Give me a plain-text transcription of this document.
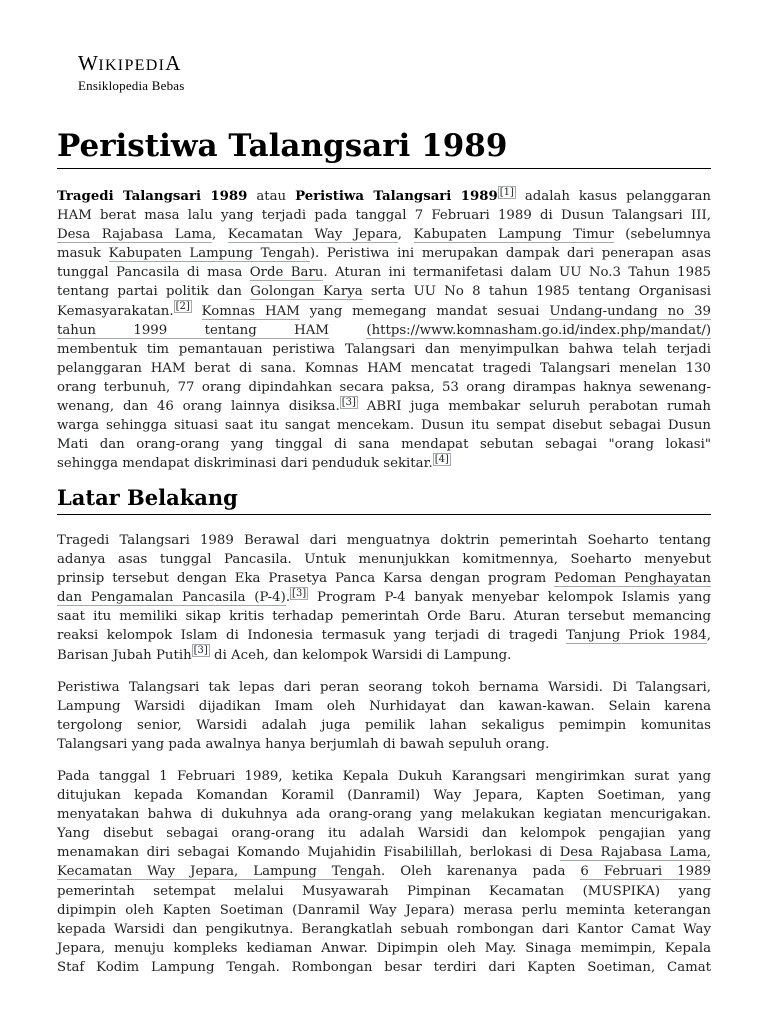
WIKIPEDIA
Ensiklopedia Bebas
Peristiwa Talangsari 1989
Tragedi Talangsari 1989 atau Peristiwa Talangsari 1989 [1] adalah kasus pelanggaran
HAM berat masa lalu yang terjadi pada tanggal 7 Februari 1989 di Dusun Talangsari III,
Desa Rajabasa Lama, Kecamatan Way Jepara, Kabupaten Lampung Timur (sebelumnya
masuk Kabupaten Lampung Tengah). Peristiwa ini merupakan dampak dari penerapan asas
tunggal Pancasila di masa Orde Baru. Aturan ini termanifetasi dalam UU No.3 Tahun 1985
tentang partai politik dan Golongan Karya serta UU No 8 tahun 1985 tentang Organisasi
Kemasyarakatan. [2] Komnas HAM yang memegang mandat sesuai Undang-undang no 39
tahun 1999 tentang HAM	(https://www.komnasham.go.id/index.php/mandat/)
membentuk tim pemantauan peristiwa Talangsari dan menyimpulkan bahwa telah terjadi
pelanggaran HAM berat di sana. Komnas HAM mencatat tragedi Talangsari menelan 130
orang terbunuh, 77 orang dipindahkan secara paksa, 53 orang dirampas haknya sewenang-
wenang, dan 46 orang lainnya disiksa. [3] ABRI juga membakar seluruh perabotan rumah
warga sehingga situasi saat itu sangat mencekam. Dusun itu sempat disebut sebagai Dusun
Mati dan orang-orang yang tinggal di sana mendapat sebutan sebagai "orang lokasi"
sehingga mendapat diskriminasi dari penduduk sekitar. [4]
Latar Belakang
Tragedi Talangsari 1989 Berawal dari menguatnya doktrin pemerintah Soeharto tentang
adanya asas tunggal Pancasila. Untuk menunjukkan komitmennya, Soeharto menyebut
prinsip tersebut dengan Eka Prasetya Panca Karsa dengan program Pedoman Penghayatan
dan Pengamalan Pancasila (P-4). [3] Program P-4 banyak menyebar kelompok Islamis yang
saat itu memiliki sikap kritis terhadap pemerintah Orde Baru. Aturan tersebut memancing
reaksi kelompok Islam di Indonesia termasuk yang terjadi di tragedi Tanjung Priok 1984,
Barisan Jubah Putih [3] di Aceh, dan kelompok Warsidi di Lampung.
Peristiwa Talangsari tak lepas dari peran seorang tokoh bernama Warsidi. Di Talangsari,
Lampung Warsidi dijadikan Imam oleh Nurhidayat dan kawan-kawan. Selain karena
tergolong senior, Warsidi adalah juga pemilik lahan sekaligus pemimpin komunitas
Talangsari yang pada awalnya hanya berjumlah di bawah sepuluh orang.
Pada tanggal 1 Februari 1989, ketika Kepala Dukuh Karangsari mengirimkan surat yang
ditujukan kepada Komandan Koramil (Danramil) Way Jepara, Kapten Soetiman, yang
menyatakan bahwa di dukuhnya ada orang-orang yang melakukan kegiatan mencurigakan.
Yang disebut sebagai orang-orang itu adalah Warsidi dan kelompok pengajian yang
menamakan diri sebagai Komando Mujahidin Fisabilillah, berlokasi di Desa Rajabasa Lama,
Kecamatan Way Jepara, Lampung Tengah. Oleh karenanya pada 6 Februari 1989
pemerintah setempat melalui Musyawarah Pimpinan Kecamatan (MUSPIKA) yang
dipimpin oleh Kapten Soetiman (Danramil Way Jepara) merasa perlu meminta keterangan
kepada Warsidi dan pengikutnya. Berangkatlah sebuah rombongan dari Kantor Camat Way
Jepara, menuju kompleks kediaman Anwar. Dipimpin oleh May. Sinaga memimpin, Kepala
Staf Kodim Lampung Tengah. Rombongan besar terdiri dari Kapten Soetiman, Camat
